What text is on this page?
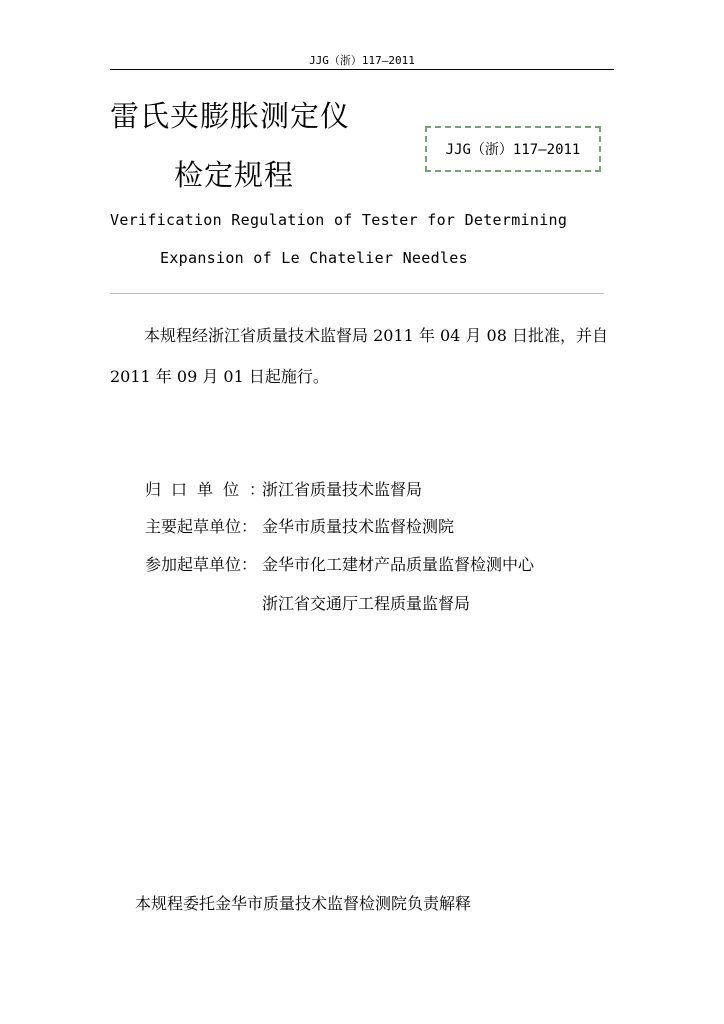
JJG（浙）117—2011
雷氏夹膨胀测定仪
检定规程
JJG（浙）117—2011
Verification Regulation of Tester for Determining
Expansion of Le Chatelier Needles
本规程经浙江省质量技术监督局 2011 年 04 月 08 日批准，并自
2011 年 09 月 01 日起施行。
归口单位：
浙江省质量技术监督局
主要起草单位： 金华市质量技术监督检测院
参加起草单位： 金华市化工建材产品质量监督检测中心
浙江省交通厅工程质量监督局
本规程委托金华市质量技术监督检测院负责解释
